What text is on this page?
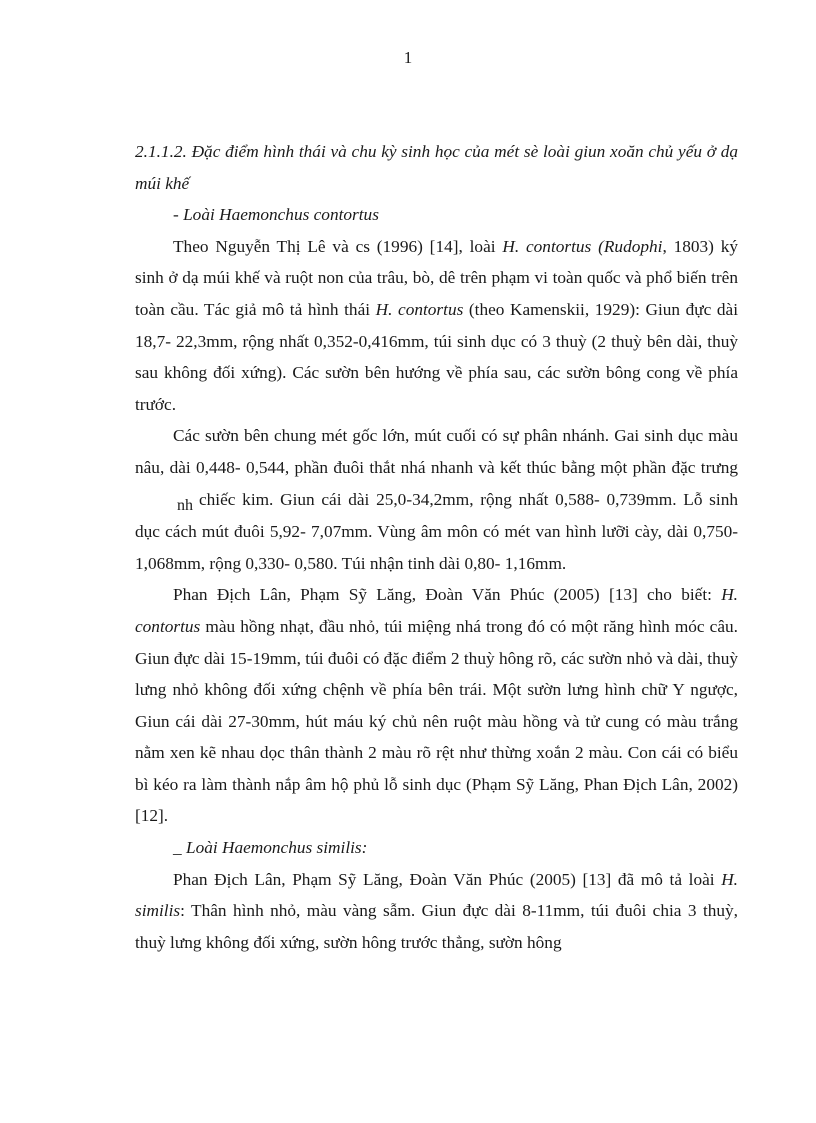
1

2.1.1.2. Đặc điểm hình thái và chu kỳ sinh học của mét sè loài giun xoăn chủ yếu ở dạ múi khế

- Loài Haemonchus contortus

Theo Nguyễn Thị Lê và cs (1996) [14], loài H. contortus (Rudophi, 1803) ký sinh ở dạ múi khế và ruột non của trâu, bò, dê trên phạm vi toàn quốc và phổ biến trên toàn cầu. Tác giả mô tả hình thái H. contortus (theo Kamenskii, 1929): Giun đực dài 18,7- 22,3mm, rộng nhất 0,352-0,416mm, túi sinh dục có 3 thuỳ (2 thuỳ bên dài, thuỳ sau không đối xứng). Các sườn bên hướng về phía sau, các sườn bông cong về phía trước.

Các sườn bên chung mét gốc lớn, mút cuối có sự phân nhánh. Gai sinh dục màu nâu, dài 0,448- 0,544, phần đuôi thắt nhá nhanh và kết thúc bằng một phần đặc trưngnh chiếc kim. Giun cái dài 25,0-34,2mm, rộng nhất 0,588- 0,739mm. Lỗ sinh dục cách mút đuôi 5,92- 7,07mm. Vùng âm môn có mét van hình lưỡi cày, dài 0,750-1,068mm, rộng 0,330- 0,580. Túi nhận tinh dài 0,80- 1,16mm.

Phan Địch Lân, Phạm Sỹ Lăng, Đoàn Văn Phúc (2005) [13] cho biết: H. contortus màu hồng nhạt, đầu nhỏ, túi miệng nhá trong đó có một răng hình móc câu. Giun đực dài 15-19mm, túi đuôi có đặc điểm 2 thuỳ hông rõ, các sườn nhỏ và dài, thuỳ lưng nhỏ không đối xứng chệnh về phía bên trái. Một sườn lưng hình chữ Y ngược, Giun cái dài 27-30mm, hút máu ký chủ nên ruột màu hồng và tử cung có màu trắng nằm xen kẽ nhau dọc thân thành 2 màu rõ rệt như thừng xoắn 2 màu. Con cái có biểu bì kéo ra làm thành nắp âm hộ phủ lỗ sinh dục (Phạm Sỹ Lăng, Phan Địch Lân, 2002) [12].

_ Loài Haemonchus similis:

Phan Địch Lân, Phạm Sỹ Lăng, Đoàn Văn Phúc (2005) [13] đã mô tả loài H. similis: Thân hình nhỏ, màu vàng sẫm. Giun đực dài 8-11mm, túi đuôi chia 3 thuỳ, thuỳ lưng không đối xứng, sườn hông trước thẳng, sườn hông
